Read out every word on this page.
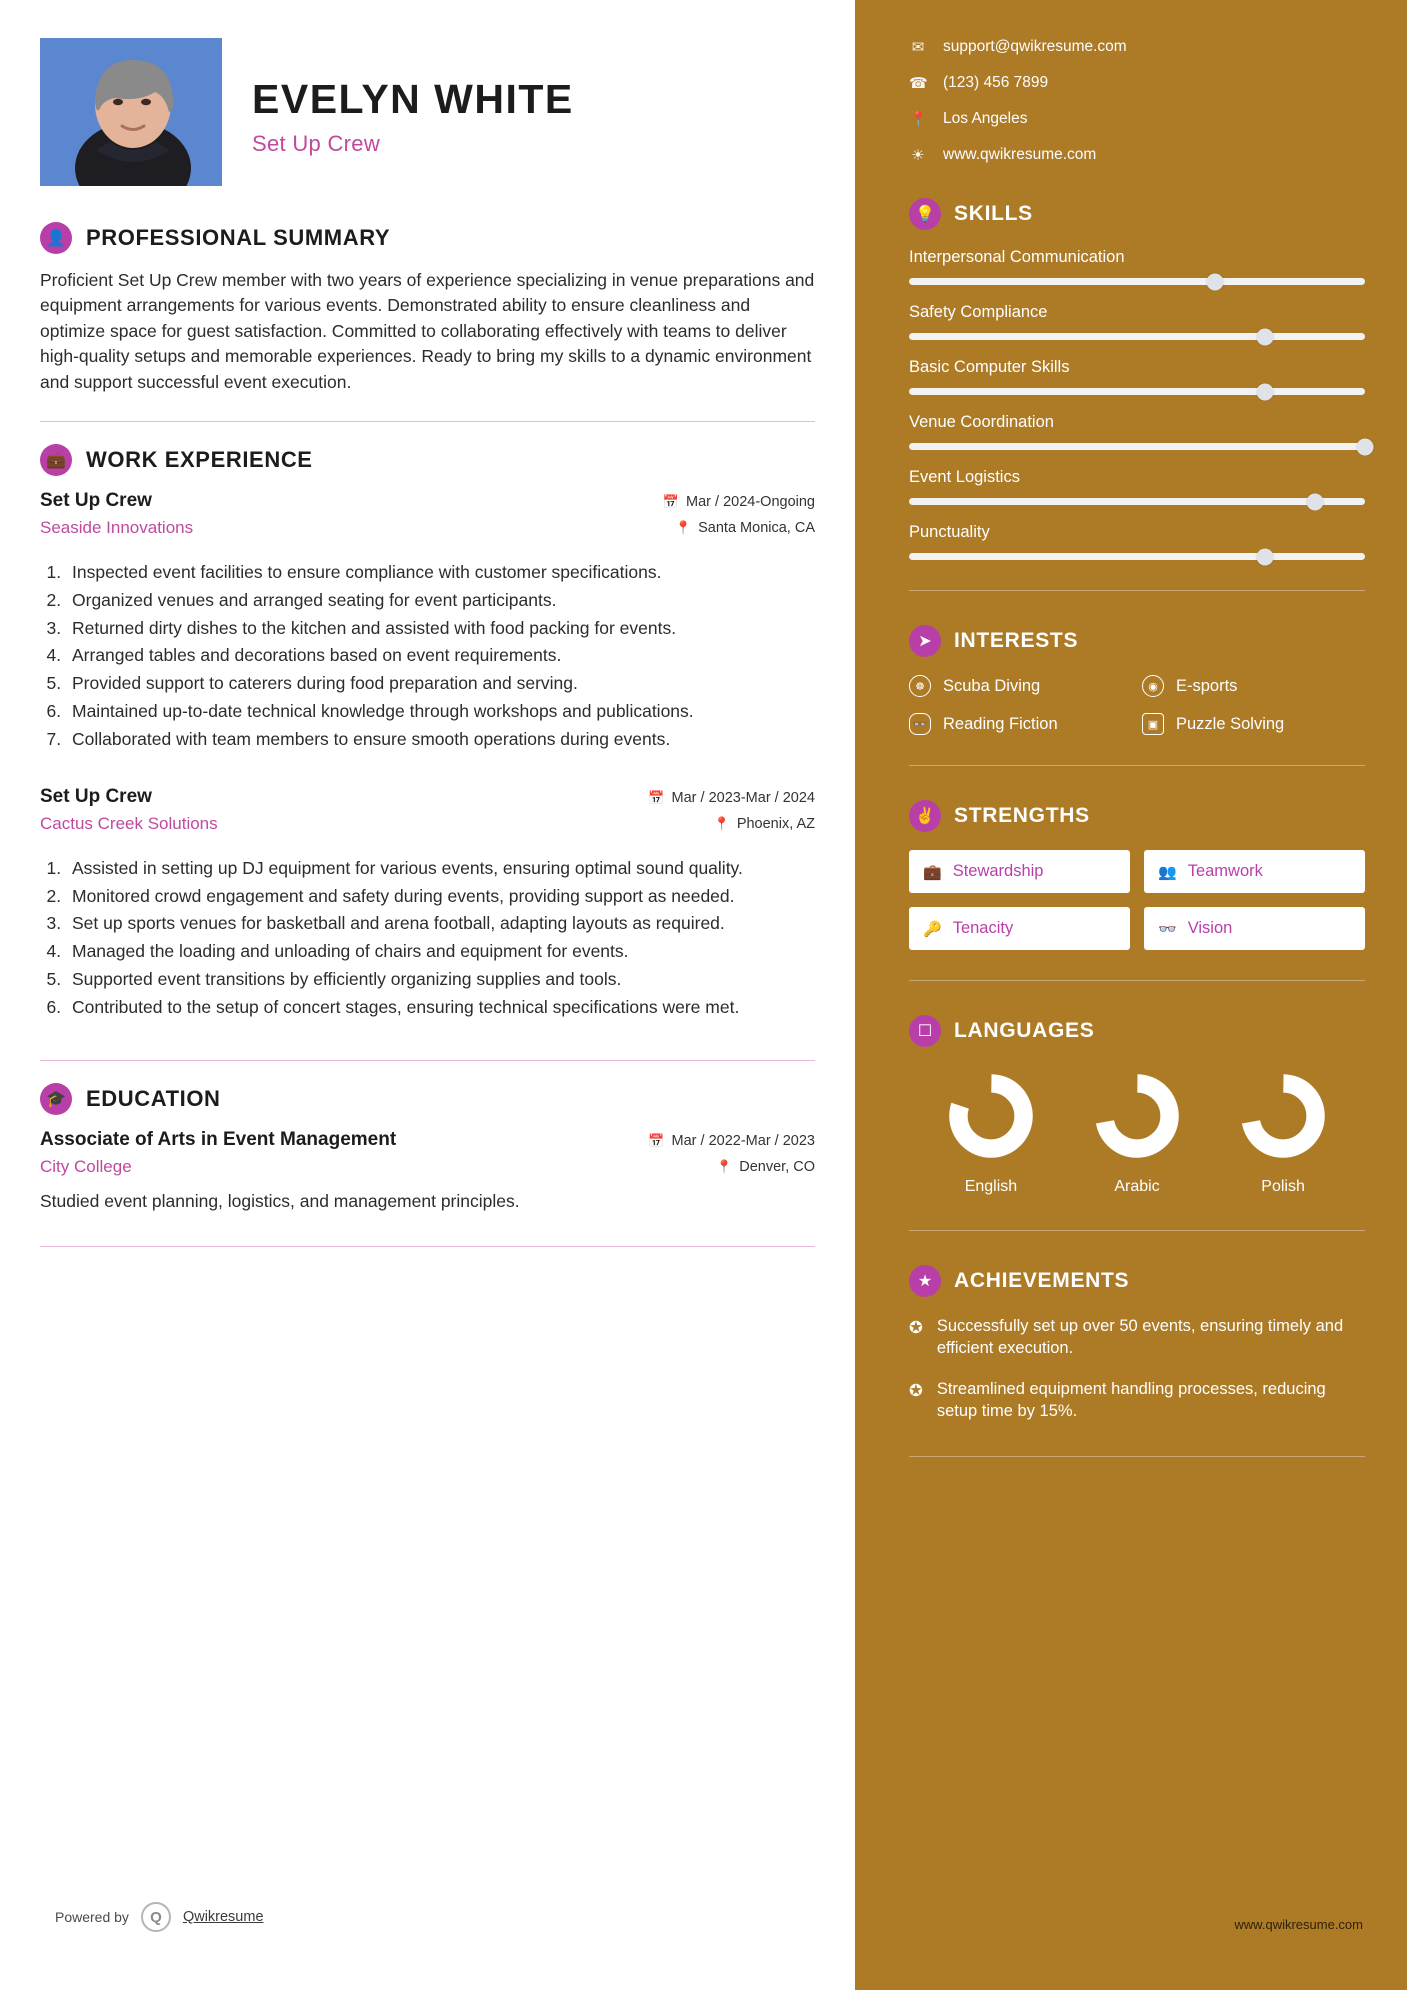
EVELYN WHITE
Set Up Crew
👤 PROFESSIONAL SUMMARY
Proficient Set Up Crew member with two years of experience specializing in venue preparations and equipment arrangements for various events. Demonstrated ability to ensure cleanliness and optimize space for guest satisfaction. Committed to collaborating effectively with teams to deliver high-quality setups and memorable experiences. Ready to bring my skills to a dynamic environment and support successful event execution.
💼 WORK EXPERIENCE
Set Up Crew
Seaside Innovations
📅 Mar / 2024-Ongoing
📍 Santa Monica, CA
1. Inspected event facilities to ensure compliance with customer specifications.
2. Organized venues and arranged seating for event participants.
3. Returned dirty dishes to the kitchen and assisted with food packing for events.
4. Arranged tables and decorations based on event requirements.
5. Provided support to caterers during food preparation and serving.
6. Maintained up-to-date technical knowledge through workshops and publications.
7. Collaborated with team members to ensure smooth operations during events.
Set Up Crew
Cactus Creek Solutions
📅 Mar / 2023-Mar / 2024
📍 Phoenix, AZ
1. Assisted in setting up DJ equipment for various events, ensuring optimal sound quality.
2. Monitored crowd engagement and safety during events, providing support as needed.
3. Set up sports venues for basketball and arena football, adapting layouts as required.
4. Managed the loading and unloading of chairs and equipment for events.
5. Supported event transitions by efficiently organizing supplies and tools.
6. Contributed to the setup of concert stages, ensuring technical specifications were met.
🎓 EDUCATION
Associate of Arts in Event Management
City College
📅 Mar / 2022-Mar / 2023
📍 Denver, CO
Studied event planning, logistics, and management principles.
Powered by	Q	Qwikresume
✉ support@qwikresume.com
☎ (123) 456 7899
📍 Los Angeles
☀ www.qwikresume.com
💡 SKILLS
Interpersonal Communication
Safety Compliance
Basic Computer Skills
Venue Coordination
Event Logistics
Punctuality
➤	INTERESTS
☸	Scuba Diving	◉	E-sports
👓 Reading Fiction	▣	Puzzle Solving
✌ STRENGTHS
💼 Stewardship	👥 Teamwork
🔑 Tenacity	👓 Vision
☐	LANGUAGES
English	Arabic	Polish
★	ACHIEVEMENTS
✪ Successfully set up over 50 events, ensuring timely and efficient execution.
✪ Streamlined equipment handling processes, reducing setup time by 15%.
www.qwikresume.com
